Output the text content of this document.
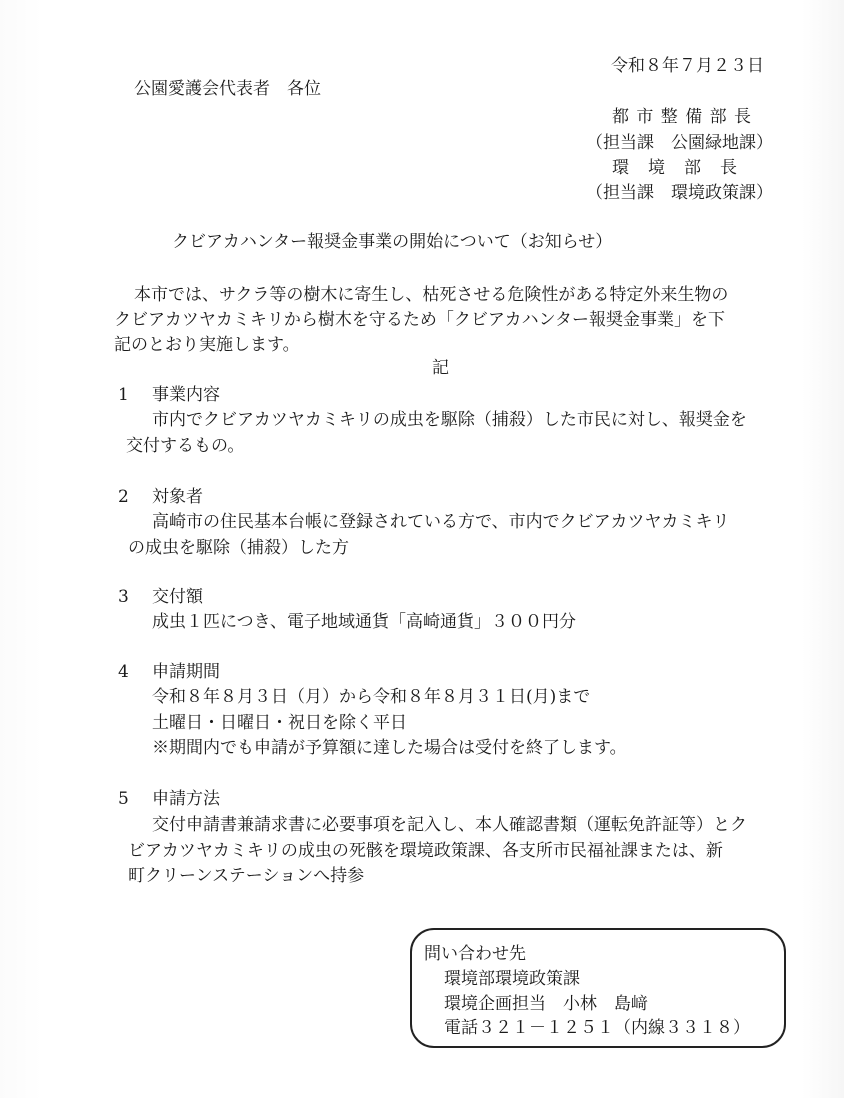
令和８年７月２３日
公園愛護会代表者　各位
都 市 整 備 部 長
（担当課　公園緑地課）
環　境　部　長
（担当課　環境政策課）
クビアカハンター報奨金事業の開始について（お知らせ）
本市では、サクラ等の樹木に寄生し、枯死させる危険性がある特定外来生物の
クビアカツヤカミキリから樹木を守るため「クビアカハンター報奨金事業」を下
記のとおり実施します。
記
1 事業内容
市内でクビアカツヤカミキリの成虫を駆除（捕殺）した市民に対し、報奨金を
交付するもの。
2 対象者
高崎市の住民基本台帳に登録されている方で、市内でクビアカツヤカミキリ
の成虫を駆除（捕殺）した方
3 交付額
成虫１匹につき、電子地域通貨「高崎通貨」３００円分
4 申請期間
令和８年８月３日（月）から令和８年８月３１日(月)まで
土曜日・日曜日・祝日を除く平日
※期間内でも申請が予算額に達した場合は受付を終了します。
5 申請方法
交付申請書兼請求書に必要事項を記入し、本人確認書類（運転免許証等）とク
ビアカツヤカミキリの成虫の死骸を環境政策課、各支所市民福祉課または、新
町クリーンステーションへ持参
問い合わせ先
環境部環境政策課
環境企画担当　小林　島﨑
電話３２１－１２５１（内線３３１８）
